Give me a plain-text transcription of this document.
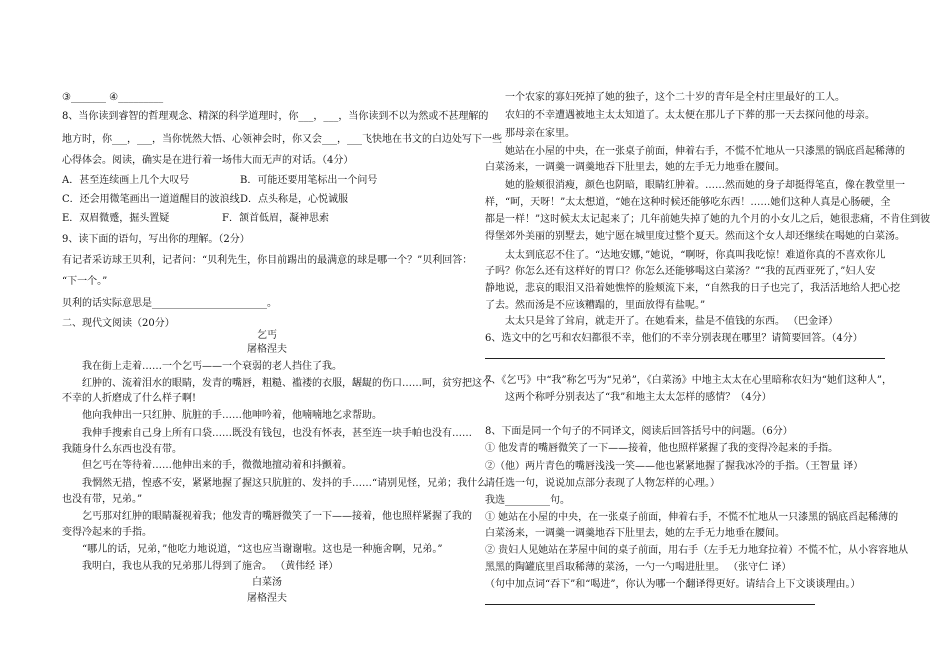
③_______ ④_________
8、当你读到睿智的哲理观念、精深的科学道理时，你___，___，当你读到不以为然或不甚理解的
地方时，你___，___，当你恍然大悟、心领神会时，你又会___，___飞快地在书文的白边处写下一些
心得体会。阅读，确实是在进行着一场伟大而无声的对话。（4分）
A．甚至连续画上几个大叹号	B．可能还要用笔标出一个问号
C．还会用微笔画出一道道醒目的波浪线 D．点头称是，心悦诚服
E．双眉微蹙，掘头置疑	F．颔首低眉，凝神思索
9、读下面的语句，写出你的理解。（2分）
有记者采访球王贝利，记者问：“贝利先生，你目前踢出的最满意的球是哪一个？”贝利回答：
“下一个。”
贝利的话实际意思是_______________________。
二、现代文阅读（20分）
乞丐
屠格涅夫
我在街上走着……一个乞丐——一个衰弱的老人挡住了我。
红肿的、流着泪水的眼睛，发青的嘴唇，粗糙、褴褛的衣服，龌龊的伤口……呵，贫穷把这个
不幸的人折磨成了什么样子啊!
他向我伸出一只红肿、肮脏的手……他呻吟着，他喃喃地乞求帮助。
我伸手搜索自己身上所有口袋……既没有钱包，也没有怀表，甚至连一块手帕也没有……
我随身什么东西也没有带。
但乞丐在等待着……他伸出来的手，微微地擅动着和抖颤着。
我惘然无措，惶惑不安，紧紧地握了握这只肮脏的、发抖的手……“请别见怪，兄弟；我什么
也没有带，兄弟。”
乞丐那对红肿的眼睛凝视着我；他发青的嘴唇微笑了一下——接着，他也照样紧握了我的
变得冷起来的手指。
“哪儿的话，兄弟，”他吃力地说道，“这也应当谢谢啦。这也是一种施舍啊，兄弟。”
我明白，我也从我的兄弟那儿得到了施舍。 （黄伟经 译）
白菜汤
屠格涅夫
一个农家的寡妇死掉了她的独子，这个二十岁的青年是全村庄里最好的工人。
农妇的不幸遭遇被地主太太知道了。太太便在那儿子下葬的那一天去探问他的母亲。
那母亲在家里。
她站在小屋的中央，在一张桌子前面，伸着右手，不慌不忙地从一只漆黑的锅底舀起稀薄的
白菜汤来，一调羹一调羹地吞下肚里去，她的左手无力地垂在腰间。
她的脸颊很消瘦，颜色也阴暗，眼睛红肿着。……然而她的身子却挺得笔直，像在教堂里一
样，“呵，天呀！”太太想道，“她在这种时候还能够吃东西！……她们这种人真是心肠硬，全
都是一样！”这时候太太记起来了；几年前她失掉了她的九个月的小女儿之后，她很悲痛，不肯住到彼
得堡郊外美丽的别墅去，她宁愿在城里度过整个夏天。然而这个女人却还继续在喝她的白菜汤。
太太到底忍不住了。“达地安娜，”她说，“啊呀，你真叫我吃惊！难道你真的不喜欢你儿
子吗？你怎么还有这样好的胃口？你怎么还能够喝这白菜汤？”“我的瓦西亚死了，”妇人安
静地说，悲哀的眼泪又沿着她憔悴的脸颊流下来，“自然我的日子也完了，我活活地给人把心挖
了去。然而汤是不应该糟蹋的，里面放得有盐呢。”
太太只是耸了耸肩，就走开了。在她看来，盐是不值钱的东西。 （巴金译）
6、选文中的乞丐和农妇都很不幸，他们的不幸分别表现在哪里？请简要回答。（4分）
7、《乞丐》中“我”称乞丐为“兄弟”，《白菜汤》中地主太太在心里暗称农妇为“她们这种人”，
这两个称呼分别表达了“我”和地主太太怎样的感情？（4分）
8、下面是同一个句子的不同译文，阅读后回答括号中的问题。（6分）
① 他发青的嘴唇微笑了一下——接着，他也照样紧握了我的变得冷起来的手指。
②（他）两片青色的嘴唇浅浅一笑——他也紧紧地握了握我冰冷的手指。（王智量 译）
请任选一句，说说加点部分表现了人物怎样的心理。）
我选_________句。
① 她站在小屋的中央，在一张桌子前面，伸着右手，不慌不忙地从一只漆黑的锅底舀起稀薄的
白菜汤来，一调羹一调羹地吞下肚里去，她的左手无力地垂在腰间。
② 贵妇人见她站在茅屋中间的桌子前面，用右手（左手无力地耷拉着）不慌不忙，从小容容地从
黑黑的陶罐底里舀取稀薄的菜汤，一勺一勺喝进肚里。 （张守仁 译）
（句中加点词“吞下”和“喝进”，你认为哪一个翻译得更好。请结合上下文谈谈理由。）
